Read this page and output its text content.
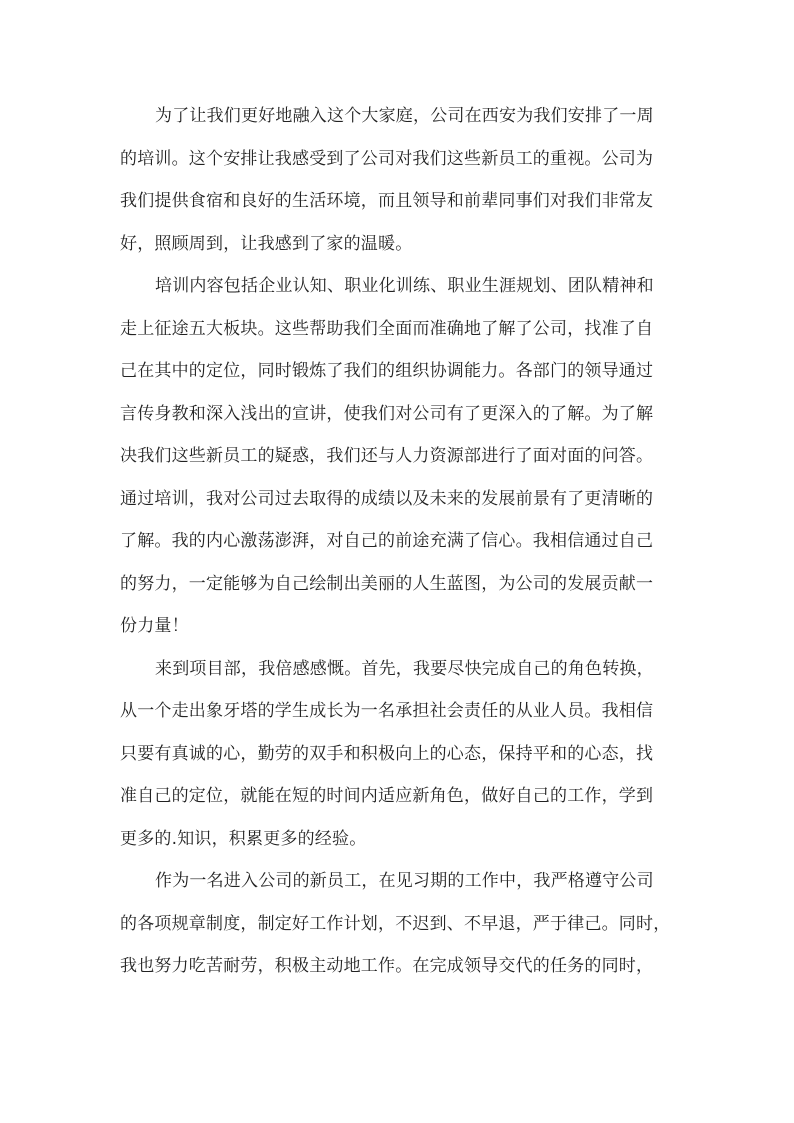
为了让我们更好地融入这个大家庭，公司在西安为我们安排了一周
的培训。这个安排让我感受到了公司对我们这些新员工的重视。公司为
我们提供食宿和良好的生活环境，而且领导和前辈同事们对我们非常友
好，照顾周到，让我感到了家的温暖。
培训内容包括企业认知、职业化训练、职业生涯规划、团队精神和
走上征途五大板块。这些帮助我们全面而准确地了解了公司，找准了自
己在其中的定位，同时锻炼了我们的组织协调能力。各部门的领导通过
言传身教和深入浅出的宣讲，使我们对公司有了更深入的了解。为了解
决我们这些新员工的疑惑，我们还与人力资源部进行了面对面的问答。
通过培训，我对公司过去取得的成绩以及未来的发展前景有了更清晰的
了解。我的内心激荡澎湃，对自己的前途充满了信心。我相信通过自己
的努力，一定能够为自己绘制出美丽的人生蓝图，为公司的发展贡献一
份力量！
来到项目部，我倍感感慨。首先，我要尽快完成自己的角色转换，
从一个走出象牙塔的学生成长为一名承担社会责任的从业人员。我相信
只要有真诚的心，勤劳的双手和积极向上的心态，保持平和的心态，找
准自己的定位，就能在短的时间内适应新角色，做好自己的工作，学到
更多的.知识，积累更多的经验。
作为一名进入公司的新员工，在见习期的工作中，我严格遵守公司
的各项规章制度，制定好工作计划，不迟到、不早退，严于律己。同时，
我也努力吃苦耐劳，积极主动地工作。在完成领导交代的任务的同时，
